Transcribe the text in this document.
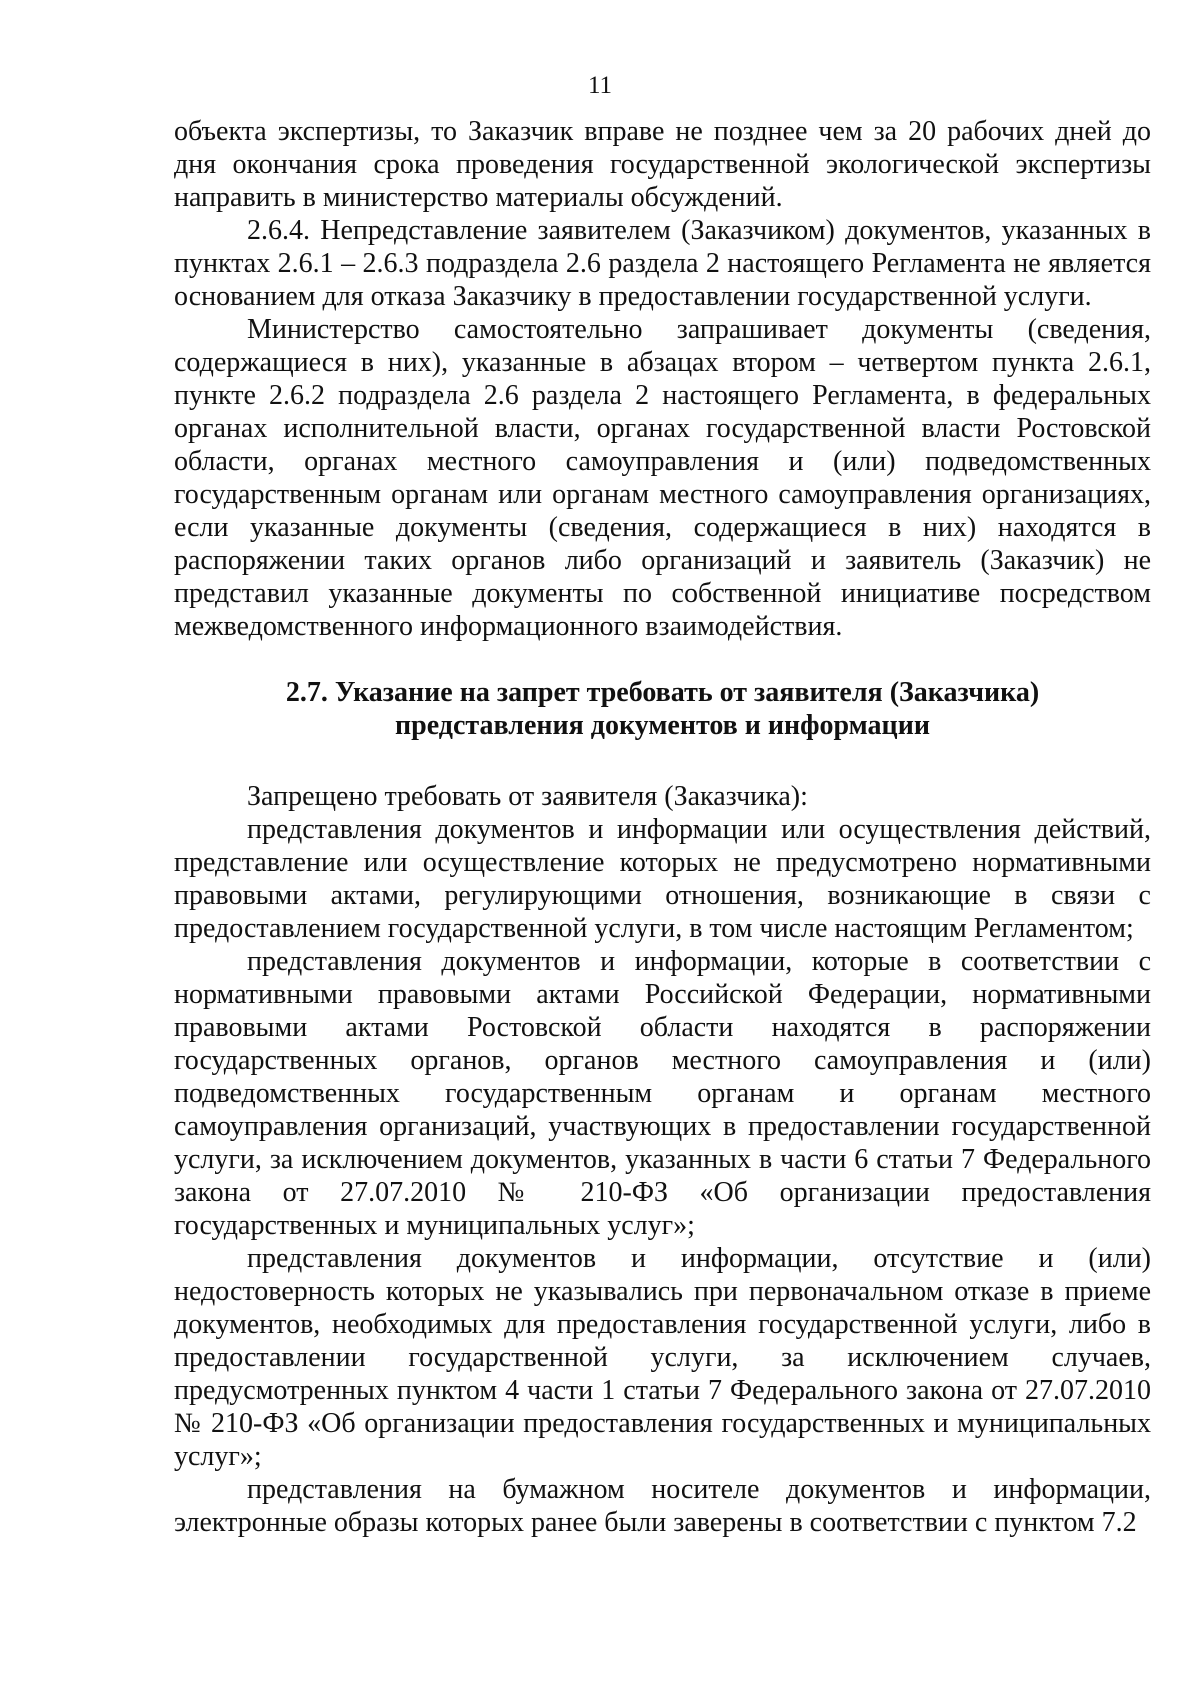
11

объекта экспертизы, то Заказчик вправе не позднее чем за 20 рабочих дней до дня окончания срока проведения государственной экологической экспертизы направить в министерство материалы обсуждений.

2.6.4. Непредставление заявителем (Заказчиком) документов, указанных в пунктах 2.6.1 – 2.6.3 подраздела 2.6 раздела 2 настоящего Регламента не является основанием для отказа Заказчику в предоставлении государственной услуги.

Министерство самостоятельно запрашивает документы (сведения, содержащиеся в них), указанные в абзацах втором – четвертом пункта 2.6.1, пункте 2.6.2 подраздела 2.6 раздела 2 настоящего Регламента, в федеральных органах исполнительной власти, органах государственной власти Ростовской области, органах местного самоуправления и (или) подведомственных государственным органам или органам местного самоуправления организациях, если указанные документы (сведения, содержащиеся в них) находятся в распоряжении таких органов либо организаций и заявитель (Заказчик) не представил указанные документы по собственной инициативе посредством межведомственного информационного взаимодействия.

2.7. Указание на запрет требовать от заявителя (Заказчика)
представления документов и информации

Запрещено требовать от заявителя (Заказчика):

представления документов и информации или осуществления действий, представление или осуществление которых не предусмотрено нормативными правовыми актами, регулирующими отношения, возникающие в связи с предоставлением государственной услуги, в том числе настоящим Регламентом;

представления документов и информации, которые в соответствии с нормативными правовыми актами Российской Федерации, нормативными правовыми актами Ростовской области находятся в распоряжении государственных органов, органов местного самоуправления и (или) подведомственных государственным органам и органам местного самоуправления организаций, участвующих в предоставлении государственной услуги, за исключением документов, указанных в части 6 статьи 7 Федерального закона от 27.07.2010 № 210-ФЗ «Об организации предоставления государственных и муниципальных услуг»;

представления документов и информации, отсутствие и (или) недостоверность которых не указывались при первоначальном отказе в приеме документов, необходимых для предоставления государственной услуги, либо в предоставлении государственной услуги, за исключением случаев, предусмотренных пунктом 4 части 1 статьи 7 Федерального закона от 27.07.2010 № 210-ФЗ «Об организации предоставления государственных и муниципальных услуг»;

представления на бумажном носителе документов и информации, электронные образы которых ранее были заверены в соответствии с пунктом 7.2
